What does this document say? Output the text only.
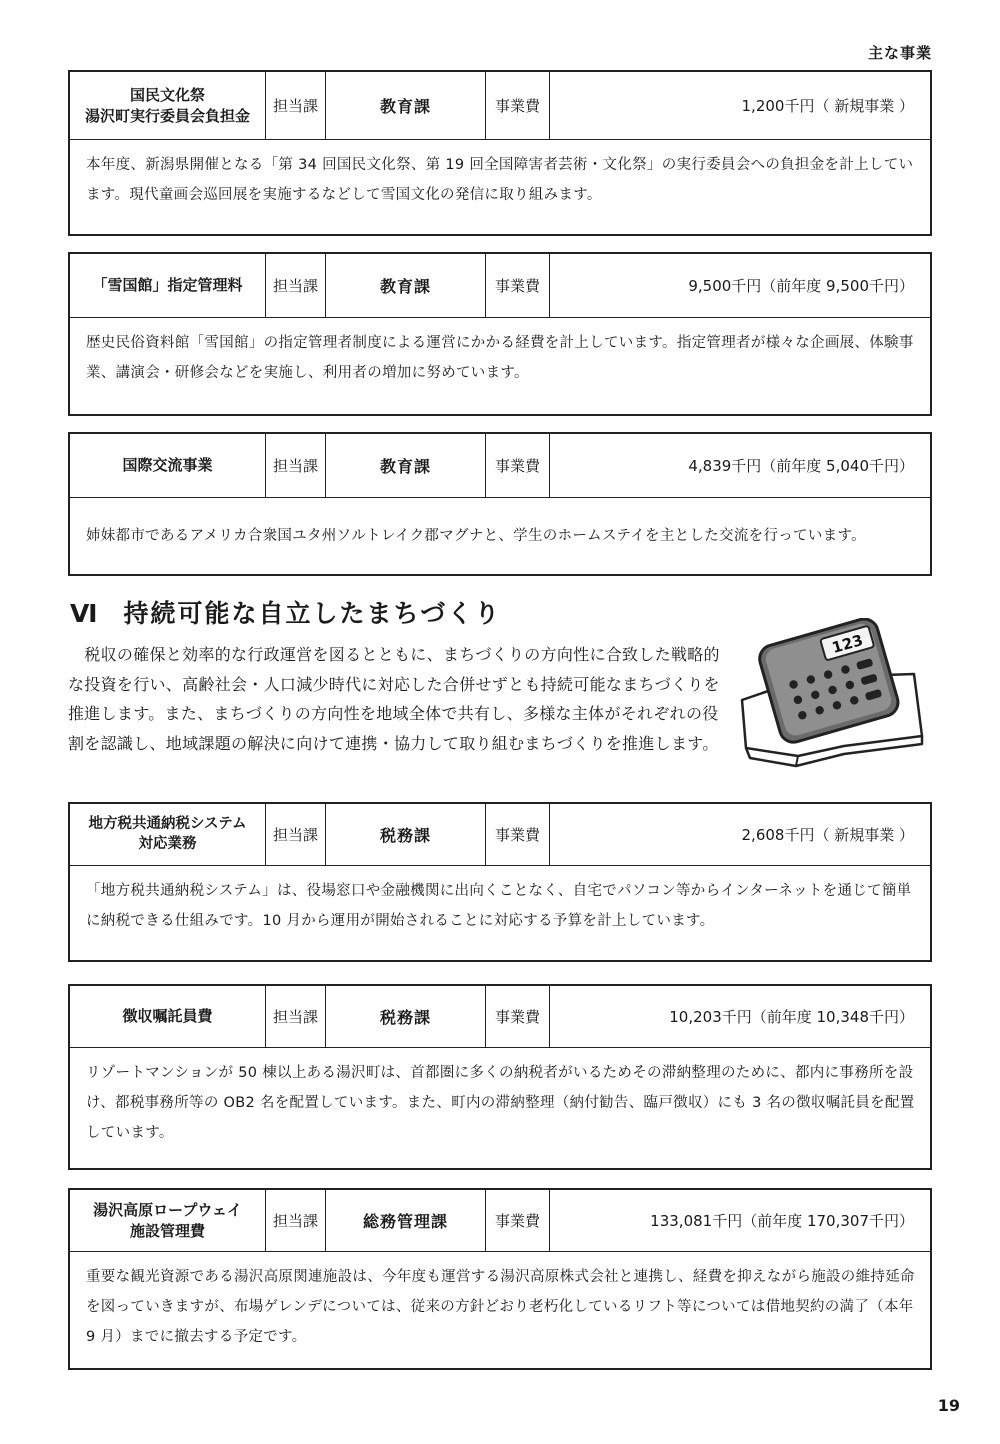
主な事業
国民文化祭
湯沢町実行委員会負担金
担当課	教育課	事業費	1,200千円（ 新規事業 ）
本年度、新潟県開催となる「第 34 回国民文化祭、第 19 回全国障害者芸術・文化祭」の実行委員会への負担金を計上しています。現代童画会巡回展を実施するなどして雪国文化の発信に取り組みます。
「雪国館」指定管理料	担当課	教育課	事業費	9,500千円（前年度 9,500千円）
歴史民俗資料館「雪国館」の指定管理者制度による運営にかかる経費を計上しています。指定管理者が様々な企画展、体験事業、講演会・研修会などを実施し、利用者の増加に努めています。
国際交流事業	担当課	教育課	事業費	4,839千円（前年度 5,040千円）
姉妹都市であるアメリカ合衆国ユタ州ソルトレイク郡マグナと、学生のホームステイを主とした交流を行っています。
Ⅵ 持続可能な自立したまちづくり
　税収の確保と効率的な行政運営を図るとともに、まちづくりの方向性に合致した戦略的な投資を行い、高齢社会・人口減少時代に対応した合併せずとも持続可能なまちづくりを推進します。また、まちづくりの方向性を地域全体で共有し、多様な主体がそれぞれの役割を認識し、地域課題の解決に向けて連携・協力して取り組むまちづくりを推進します。
123
地方税共通納税システム
対応業務	担当課	税務課	事業費	2,608千円（ 新規事業 ）
「地方税共通納税システム」は、役場窓口や金融機関に出向くことなく、自宅でパソコン等からインターネットを通じて簡単に納税できる仕組みです。10 月から運用が開始されることに対応する予算を計上しています。
徴収嘱託員費	担当課	税務課	事業費	10,203千円（前年度 10,348千円）
リゾートマンションが 50 棟以上ある湯沢町は、首都圏に多くの納税者がいるためその滞納整理のために、都内に事務所を設け、都税事務所等の OB2 名を配置しています。また、町内の滞納整理（納付勧告、臨戸徴収）にも 3 名の徴収嘱託員を配置しています。
湯沢高原ロープウェイ
施設管理費
担当課	総務管理課	事業費	133,081千円（前年度 170,307千円）
重要な観光資源である湯沢高原関連施設は、今年度も運営する湯沢高原株式会社と連携し、経費を抑えながら施設の維持延命を図っていきますが、布場ゲレンデについては、従来の方針どおり老朽化しているリフト等については借地契約の満了（本年 9 月）までに撤去する予定です。
19
